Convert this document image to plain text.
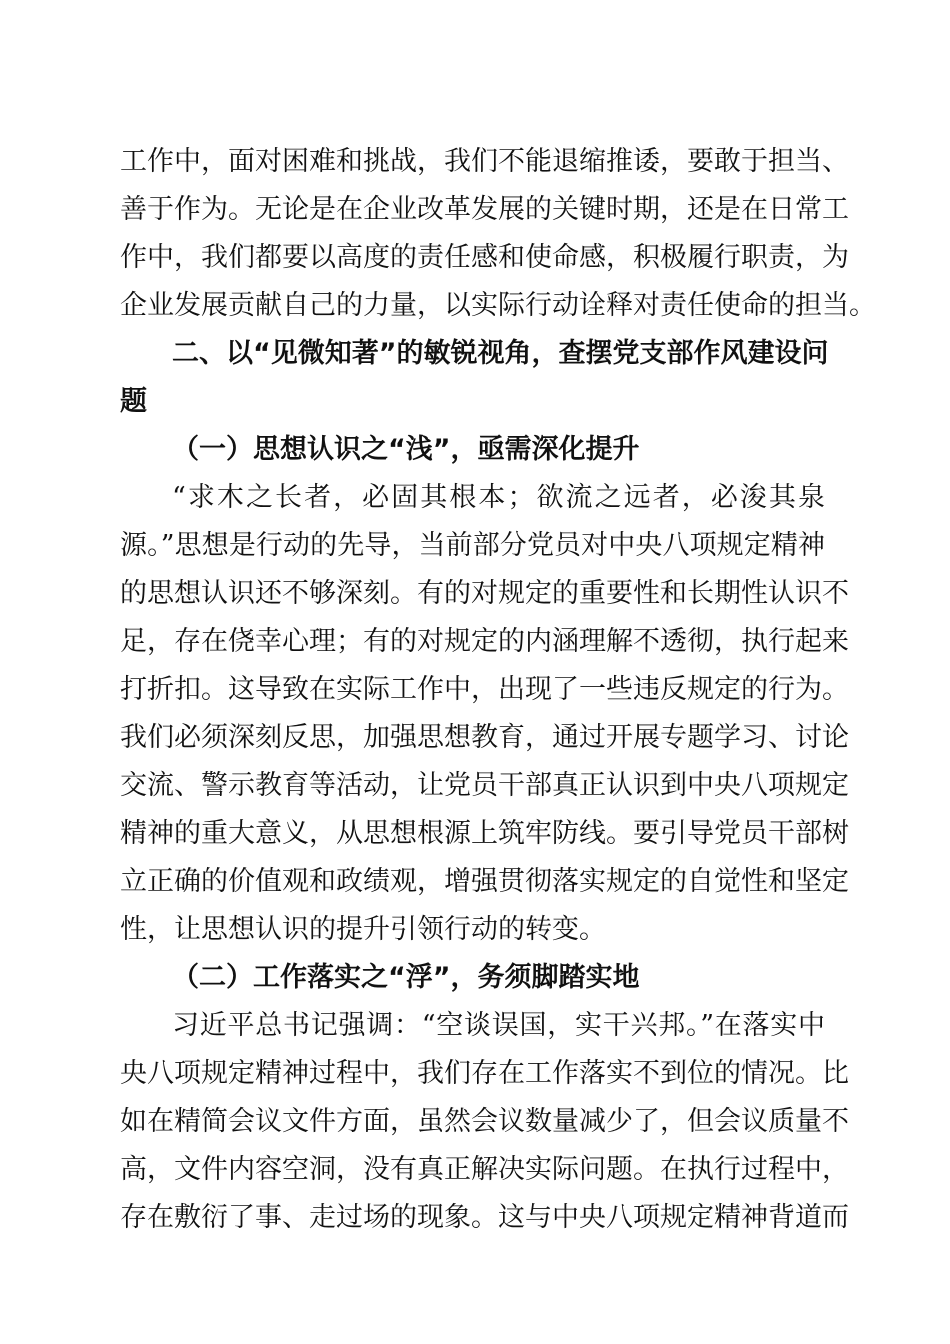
工作中，面对困难和挑战，我们不能退缩推诿，要敢于担当、
善于作为。无论是在企业改革发展的关键时期，还是在日常工
作中，我们都要以高度的责任感和使命感，积极履行职责，为
企业发展贡献自己的力量，以实际行动诠释对责任使命的担当。
二、以“见微知著”的敏锐视角，查摆党支部作风建设问
题
（一）思想认识之“浅”，亟需深化提升
“求木之长者，必固其根本；欲流之远者，必浚其泉
源。”思想是行动的先导，当前部分党员对中央八项规定精神
的思想认识还不够深刻。有的对规定的重要性和长期性认识不
足，存在侥幸心理；有的对规定的内涵理解不透彻，执行起来
打折扣。这导致在实际工作中，出现了一些违反规定的行为。
我们必须深刻反思，加强思想教育，通过开展专题学习、讨论
交流、警示教育等活动，让党员干部真正认识到中央八项规定
精神的重大意义，从思想根源上筑牢防线。要引导党员干部树
立正确的价值观和政绩观，增强贯彻落实规定的自觉性和坚定
性，让思想认识的提升引领行动的转变。
（二）工作落实之“浮”，务须脚踏实地
习近平总书记强调：“空谈误国，实干兴邦。”在落实中
央八项规定精神过程中，我们存在工作落实不到位的情况。比
如在精简会议文件方面，虽然会议数量减少了，但会议质量不
高，文件内容空洞，没有真正解决实际问题。在执行过程中，
存在敷衍了事、走过场的现象。这与中央八项规定精神背道而
